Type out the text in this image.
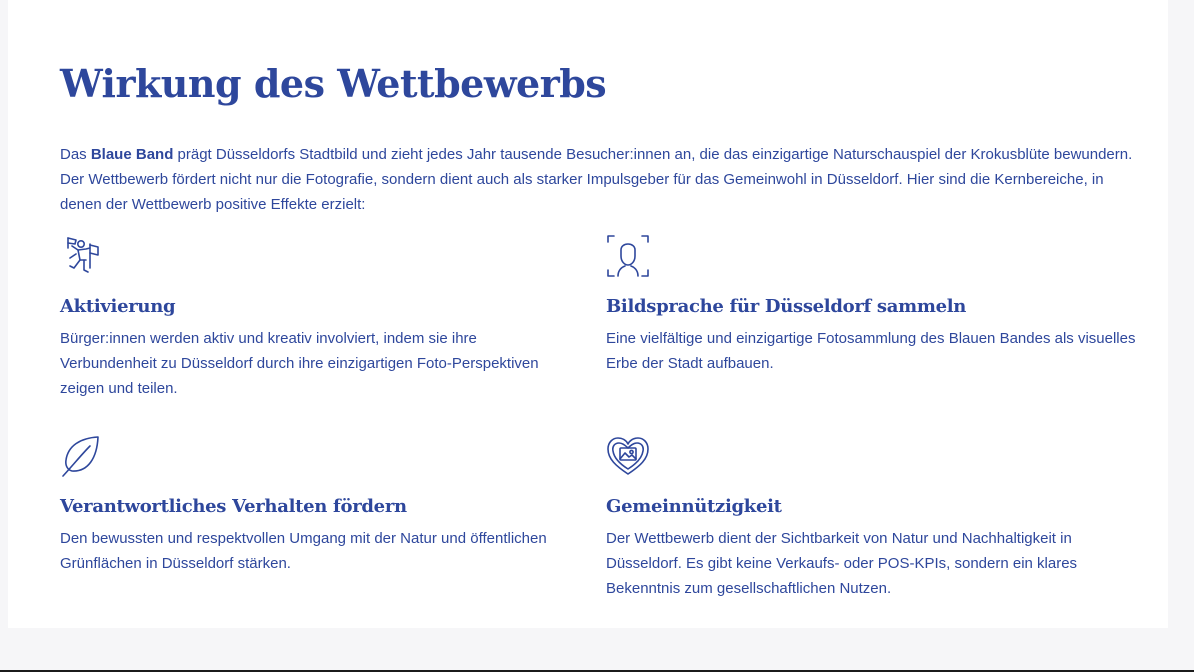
Wirkung des Wettbewerbs

Das Blaue Band prägt Düsseldorfs Stadtbild und zieht jedes Jahr tausende Besucher:innen an, die das einzigartige Naturschauspiel der Krokusblüte bewundern. Der Wettbewerb fördert nicht nur die Fotografie, sondern dient auch als starker Impulsgeber für das Gemeinwohl in Düsseldorf. Hier sind die Kernbereiche, in denen der Wettbewerb positive Effekte erzielt:

Aktivierung

Bürger:innen werden aktiv und kreativ involviert, indem sie ihre Verbundenheit zu Düsseldorf durch ihre einzigartigen Foto-Perspektiven zeigen und teilen.

Bildsprache für Düsseldorf sammeln

Eine vielfältige und einzigartige Fotosammlung des Blauen Bandes als visuelles Erbe der Stadt aufbauen.

Verantwortliches Verhalten fördern

Den bewussten und respektvollen Umgang mit der Natur und öffentlichen Grünflächen in Düsseldorf stärken.

Gemeinnützigkeit

Der Wettbewerb dient der Sichtbarkeit von Natur und Nachhaltigkeit in Düsseldorf. Es gibt keine Verkaufs- oder POS-KPIs, sondern ein klares Bekenntnis zum gesellschaftlichen Nutzen.
